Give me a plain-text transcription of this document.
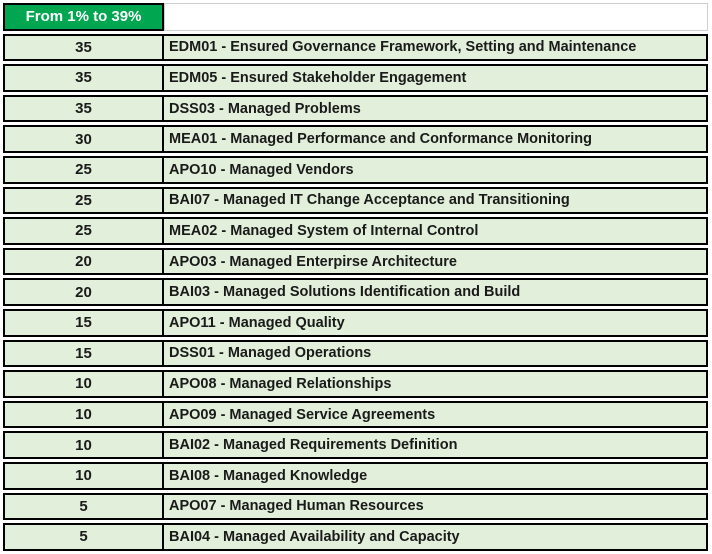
From 1% to 39%
35	EDM01 - Ensured Governance Framework, Setting and Maintenance
35	EDM05 - Ensured Stakeholder Engagement
35	DSS03 - Managed Problems
30	MEA01 - Managed Performance and Conformance Monitoring
25	APO10 - Managed Vendors
25	BAI07 - Managed IT Change Acceptance and Transitioning
25	MEA02 - Managed System of Internal Control
20	APO03 - Managed Enterpirse Architecture
20	BAI03 - Managed Solutions Identification and Build
15	APO11 - Managed Quality
15	DSS01 - Managed Operations
10	APO08 - Managed Relationships
10	APO09 - Managed Service Agreements
10	BAI02 - Managed Requirements Definition
10	BAI08 - Managed Knowledge
5	APO07 - Managed Human Resources
5	BAI04 - Managed Availability and Capacity
